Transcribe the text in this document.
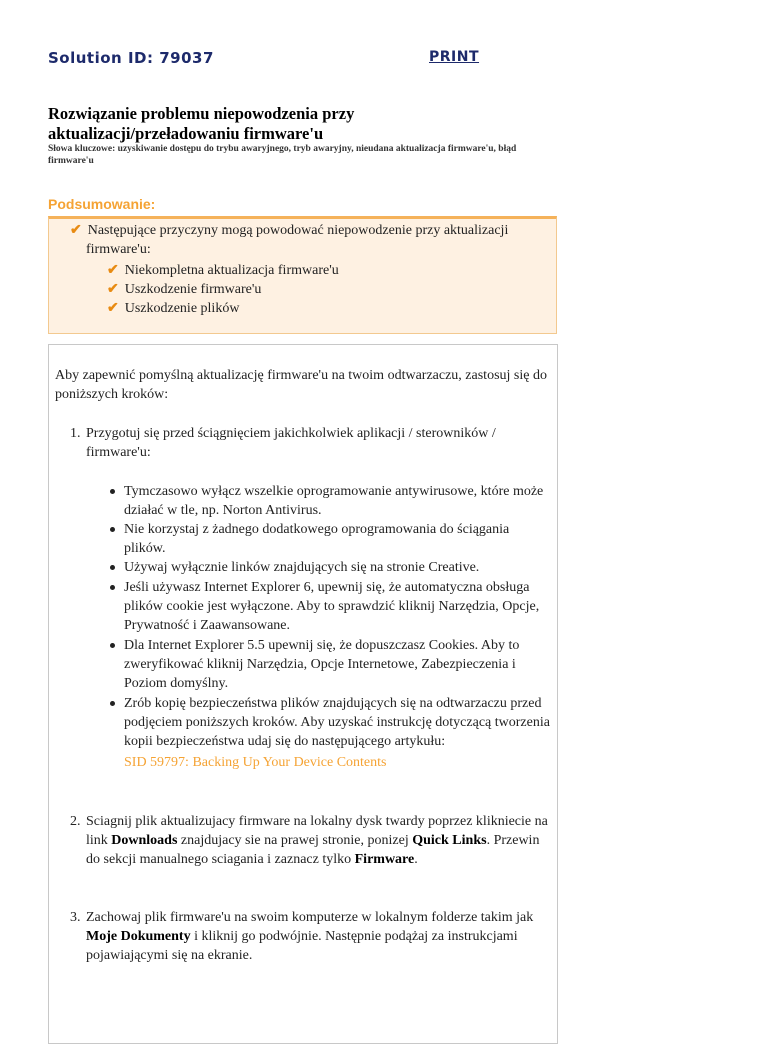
Solution ID: 79037	PRINT
Rozwiązanie problemu niepowodzenia przy
aktualizacji/przeładowaniu firmware'u
Słowa kluczowe: uzyskiwanie dostępu do trybu awaryjnego, tryb awaryjny, nieudana aktualizacja firmware'u, błąd
firmware'u
Podsumowanie:
✔ Następujące przyczyny mogą powodować niepowodzenie przy aktualizacji
firmware'u:
✔ Niekompletna aktualizacja firmware'u
✔ Uszkodzenie firmware'u
✔ Uszkodzenie plików
Aby zapewnić pomyślną aktualizację firmware'u na twoim odtwarzaczu, zastosuj się do
poniższych kroków:
1. Przygotuj się przed ściągnięciem jakichkolwiek aplikacji / sterowników /
firmware'u:
Tymczasowo wyłącz wszelkie oprogramowanie antywirusowe, które może
działać w tle, np. Norton Antivirus.
Nie korzystaj z żadnego dodatkowego oprogramowania do ściągania
plików.
Używaj wyłącznie linków znajdujących się na stronie Creative.
Jeśli używasz Internet Explorer 6, upewnij się, że automatyczna obsługa
plików cookie jest wyłączone. Aby to sprawdzić kliknij Narzędzia, Opcje,
Prywatność i Zaawansowane.
Dla Internet Explorer 5.5 upewnij się, że dopuszczasz Cookies. Aby to
zweryfikować kliknij Narzędzia, Opcje Internetowe, Zabezpieczenia i
Poziom domyślny.
Zrób kopię bezpieczeństwa plików znajdujących się na odtwarzaczu przed
podjęciem poniższych kroków. Aby uzyskać instrukcję dotyczącą tworzenia
kopii bezpieczeństwa udaj się do następującego artykułu:
SID 59797: Backing Up Your Device Contents
2. Sciagnij plik aktualizujacy firmware na lokalny dysk twardy poprzez klikniecie na
link Downloads znajdujacy sie na prawej stronie, ponizej Quick Links. Przewin
do sekcji manualnego sciagania i zaznacz tylko Firmware.
3. Zachowaj plik firmware'u na swoim komputerze w lokalnym folderze takim jak
Moje Dokumenty i kliknij go podwójnie. Następnie podążaj za instrukcjami
pojawiającymi się na ekranie.
